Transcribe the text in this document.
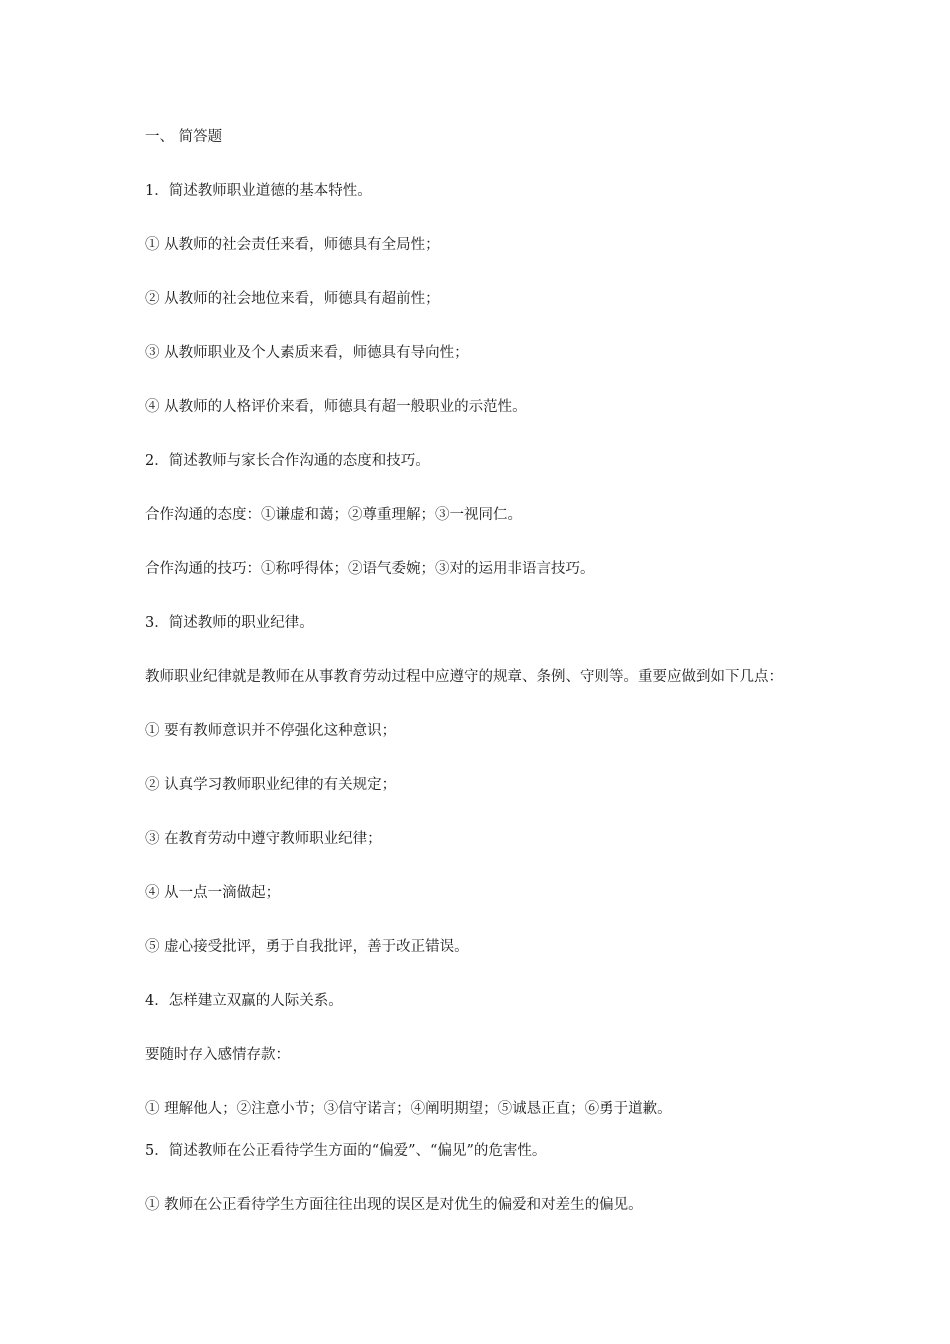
一、 简答题
1．简述教师职业道德的基本特性。
① 从教师的社会责任来看，师德具有全局性；
② 从教师的社会地位来看，师德具有超前性；
③ 从教师职业及个人素质来看，师德具有导向性；
④ 从教师的人格评价来看，师德具有超一般职业的示范性。
2．简述教师与家长合作沟通的态度和技巧。
合作沟通的态度：①谦虚和蔼；②尊重理解；③一视同仁。
合作沟通的技巧：①称呼得体；②语气委婉；③对的运用非语言技巧。
3．简述教师的职业纪律。
教师职业纪律就是教师在从事教育劳动过程中应遵守的规章、条例、守则等。重要应做到如下几点：
① 要有教师意识并不停强化这种意识；
② 认真学习教师职业纪律的有关规定；
③ 在教育劳动中遵守教师职业纪律；
④ 从一点一滴做起；
⑤ 虚心接受批评，勇于自我批评，善于改正错误。
4．怎样建立双赢的人际关系。
要随时存入感情存款：
① 理解他人；②注意小节；③信守诺言；④阐明期望；⑤诚恳正直；⑥勇于道歉。
5．简述教师在公正看待学生方面的“偏爱”、“偏见”的危害性。
① 教师在公正看待学生方面往往出现的误区是对优生的偏爱和对差生的偏见。
